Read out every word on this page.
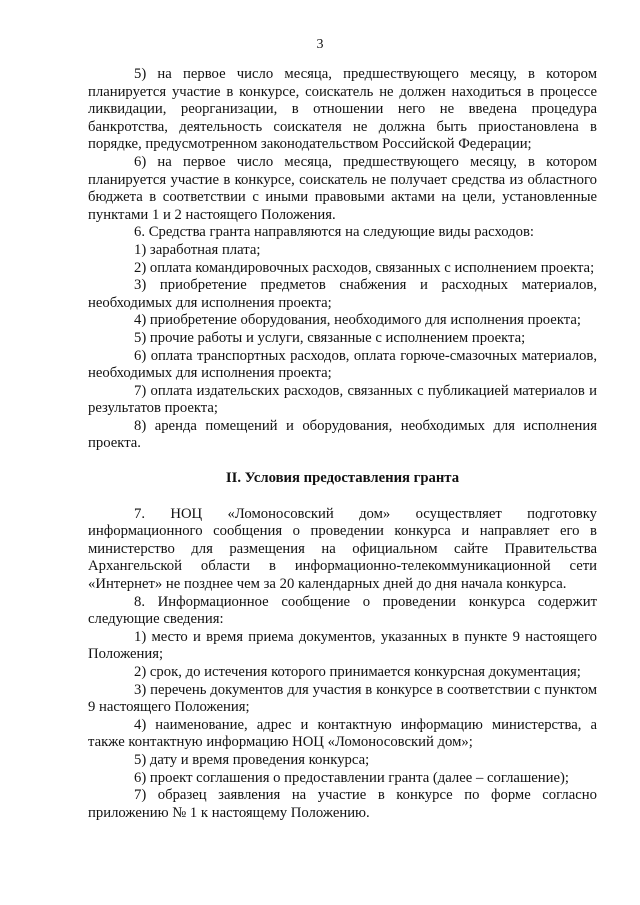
3

5) на первое число месяца, предшествующего месяцу, в котором планируется участие в конкурсе, соискатель не должен находиться в процессе ликвидации, реорганизации, в отношении него не введена процедура банкротства, деятельность соискателя не должна быть приостановлена в порядке, предусмотренном законодательством Российской Федерации;

6) на первое число месяца, предшествующего месяцу, в котором планируется участие в конкурсе, соискатель не получает средства из областного бюджета в соответствии с иными правовыми актами на цели, установленные пунктами 1 и 2 настоящего Положения.

6. Средства гранта направляются на следующие виды расходов:

1) заработная плата;

2) оплата командировочных расходов, связанных с исполнением проекта;

3) приобретение предметов снабжения и расходных материалов, необходимых для исполнения проекта;

4) приобретение оборудования, необходимого для исполнения проекта;

5) прочие работы и услуги, связанные с исполнением проекта;

6) оплата транспортных расходов, оплата горюче-смазочных материалов, необходимых для исполнения проекта;

7) оплата издательских расходов, связанных с публикацией материалов и результатов проекта;

8) аренда помещений и оборудования, необходимых для исполнения проекта.

II. Условия предоставления гранта

7. НОЦ «Ломоносовский дом» осуществляет подготовку информационного сообщения о проведении конкурса и направляет его в министерство для размещения на официальном сайте Правительства Архангельской области в информационно-телекоммуникационной сети «Интернет» не позднее чем за 20 календарных дней до дня начала конкурса.

8. Информационное сообщение о проведении конкурса содержит следующие сведения:

1) место и время приема документов, указанных в пункте 9 настоящего Положения;

2) срок, до истечения которого принимается конкурсная документация;

3) перечень документов для участия в конкурсе в соответствии с пунктом 9 настоящего Положения;

4) наименование, адрес и контактную информацию министерства, а также контактную информацию НОЦ «Ломоносовский дом»;

5) дату и время проведения конкурса;

6) проект соглашения о предоставлении гранта (далее – соглашение);

7) образец заявления на участие в конкурсе по форме согласно приложению № 1 к настоящему Положению.
